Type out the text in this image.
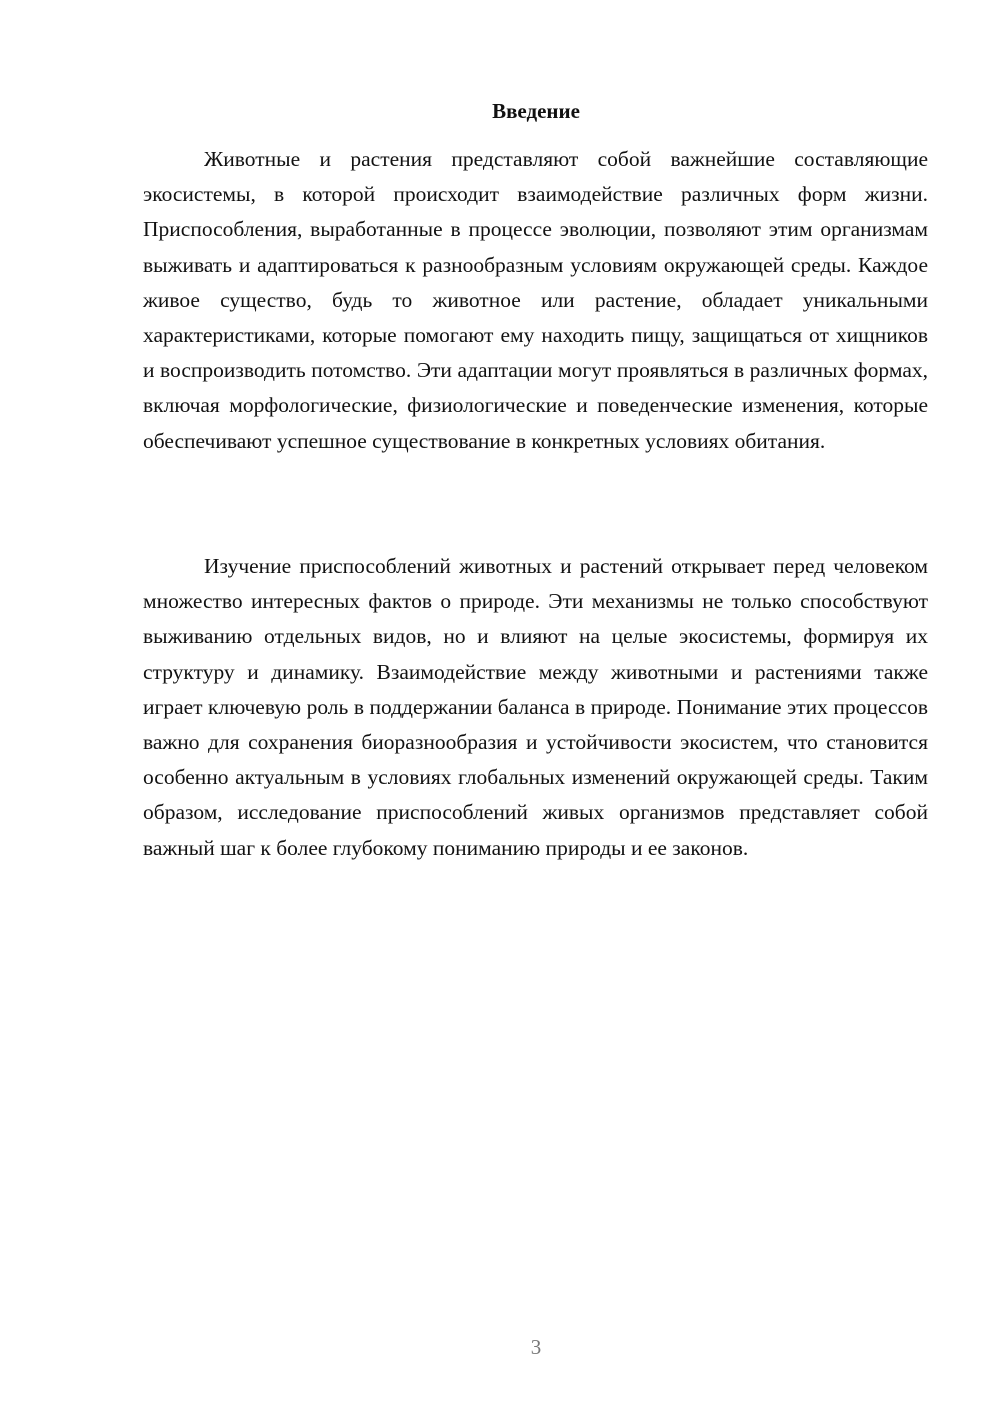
Введение

Животные и растения представляют собой важнейшие составляющие экосистемы, в которой происходит взаимодействие различных форм жизни. Приспособления, выработанные в процессе эволюции, позволяют этим организмам выживать и адаптироваться к разнообразным условиям окружающей среды. Каждое живое существо, будь то животное или растение, обладает уникальными характеристиками, которые помогают ему находить пищу, защищаться от хищников и воспроизводить потомство. Эти адаптации могут проявляться в различных формах, включая морфологические, физиологические и поведенческие изменения, которые обеспечивают успешное существование в конкретных условиях обитания.

Изучение приспособлений животных и растений открывает перед человеком множество интересных фактов о природе. Эти механизмы не только способствуют выживанию отдельных видов, но и влияют на целые экосистемы, формируя их структуру и динамику. Взаимодействие между животными и растениями также играет ключевую роль в поддержании баланса в природе. Понимание этих процессов важно для сохранения биоразнообразия и устойчивости экосистем, что становится особенно актуальным в условиях глобальных изменений окружающей среды. Таким образом, исследование приспособлений живых организмов представляет собой важный шаг к более глубокому пониманию природы и ее законов.

3
